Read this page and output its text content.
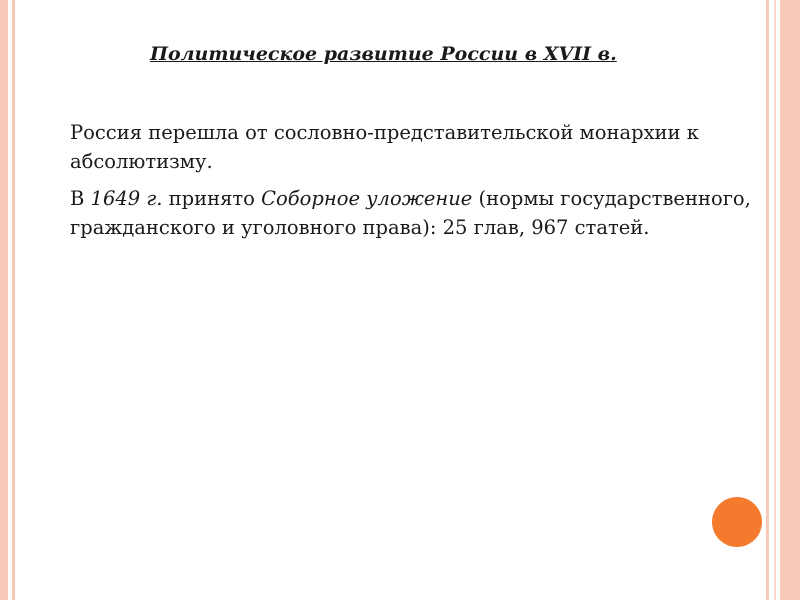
Политическое развитие России в XVII в.

Россия перешла от сословно-представительской монархии к абсолютизму.

В 1649 г. принято Соборное уложение (нормы государственного, гражданского и уголовного права): 25 глав, 967 статей.
